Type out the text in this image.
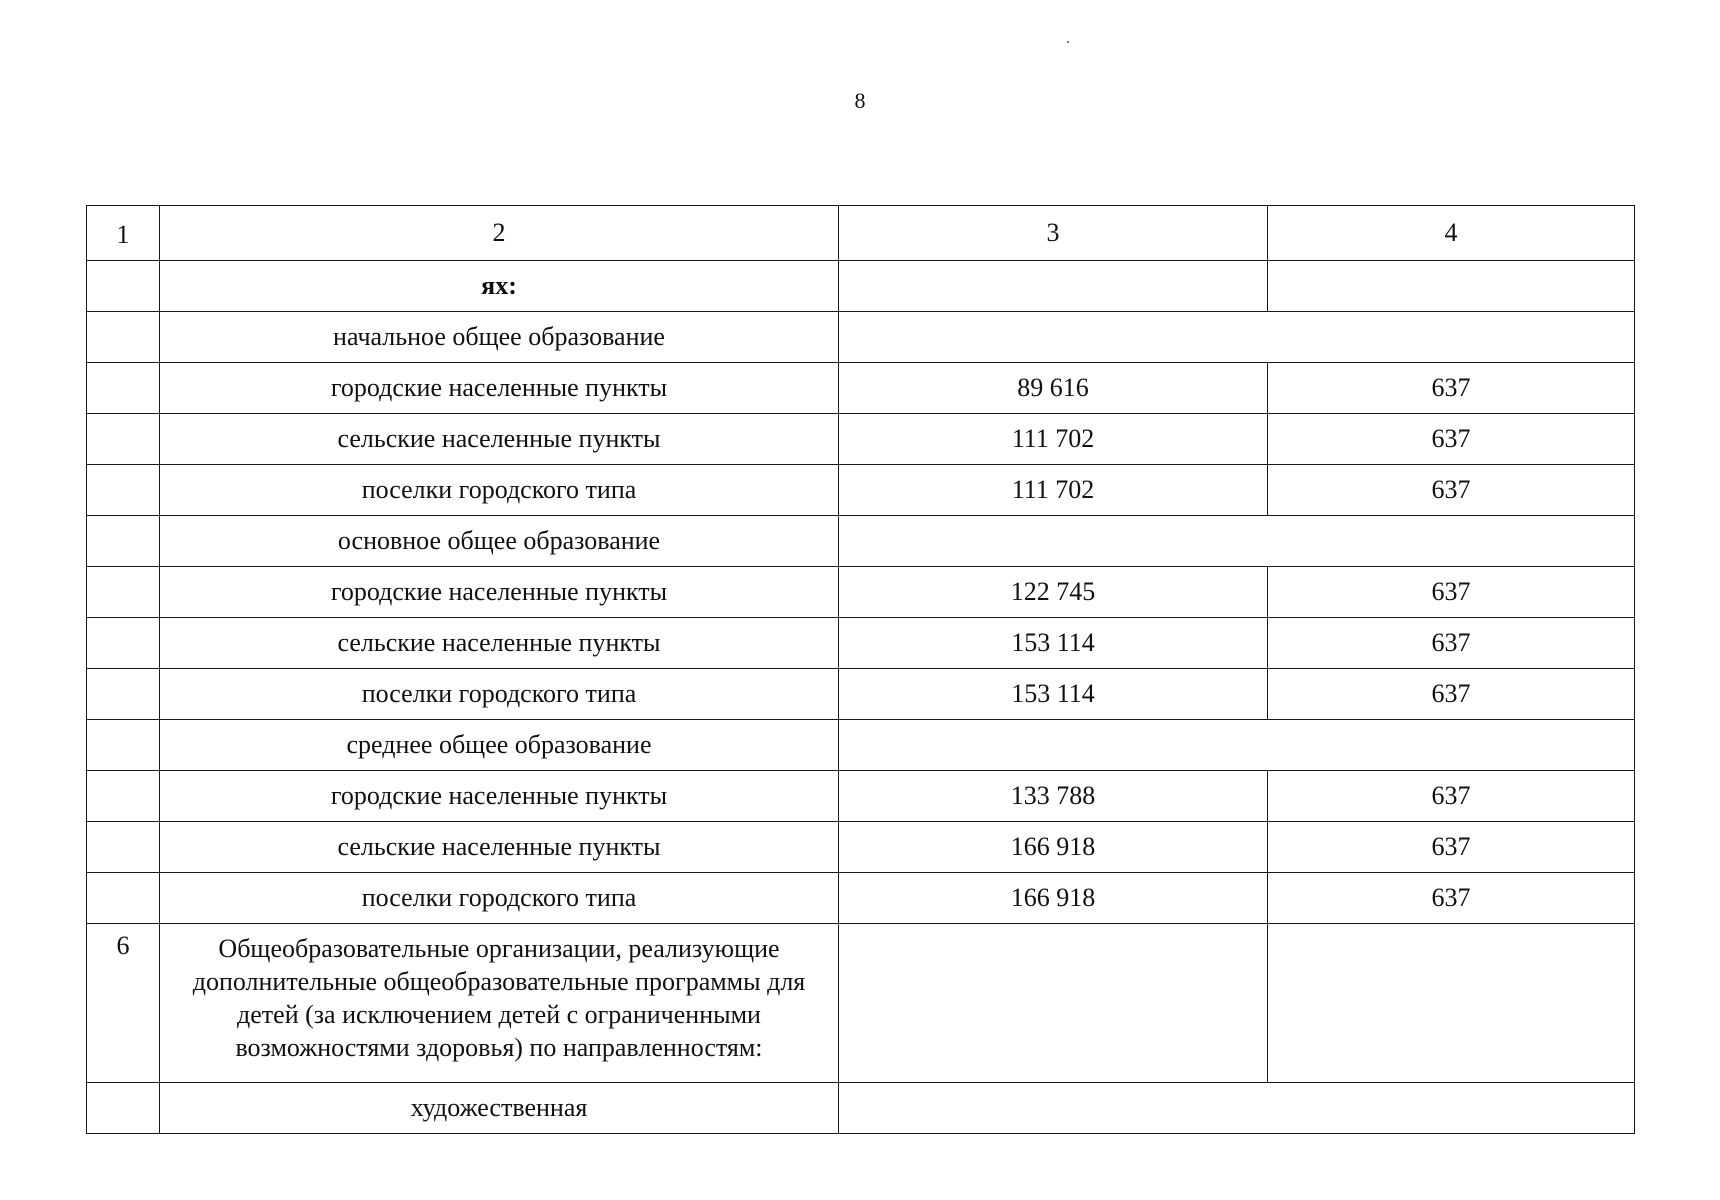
8
1	2	3	4
	ях:		
	начальное общее образование		
	городские населенные пункты	89 616	637
	сельские населенные пункты	111 702	637
	поселки городского типа	111 702	637
	основное общее образование		
	городские населенные пункты	122 745	637
	сельские населенные пункты	153 114	637
	поселки городского типа	153 114	637
	среднее общее образование		
	городские населенные пункты	133 788	637
	сельские населенные пункты	166 918	637
	поселки городского типа	166 918	637
6	Общеобразовательные организации, реализующие дополнительные общеобразовательные программы для детей (за исключением детей с ограниченными возможностями здоровья) по направленностям:		
	художественная		
